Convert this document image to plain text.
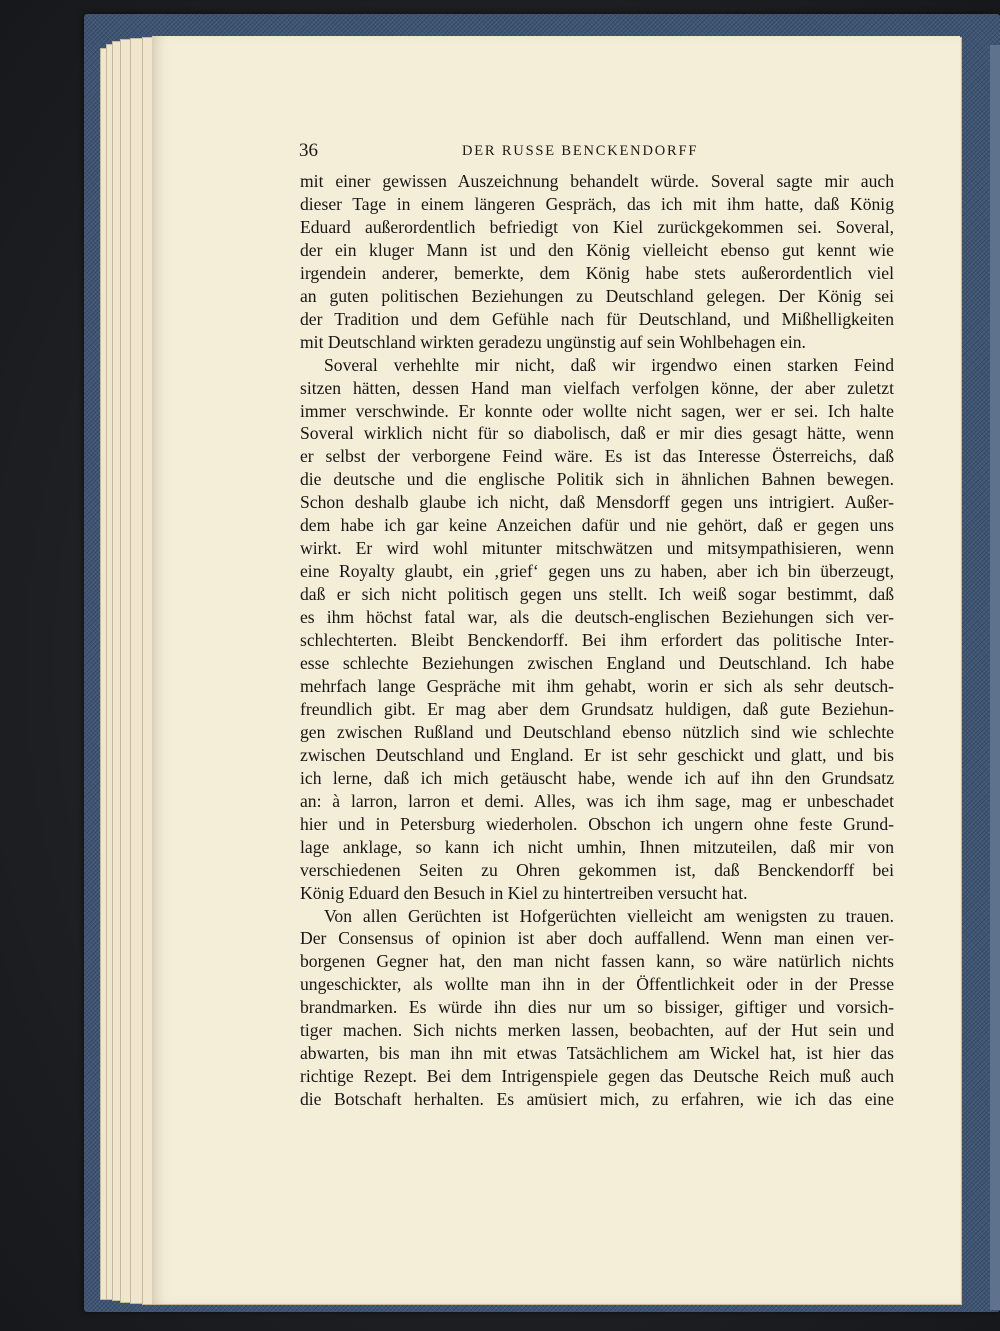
36	DER RUSSE BENCKENDORFF
mit einer gewissen Auszeichnung behandelt würde. Soveral sagte mir auch
dieser Tage in einem längeren Gespräch, das ich mit ihm hatte, daß König
Eduard außerordentlich befriedigt von Kiel zurückgekommen sei. Soveral,
der ein kluger Mann ist und den König vielleicht ebenso gut kennt wie
irgendein anderer, bemerkte, dem König habe stets außerordentlich viel
an guten politischen Beziehungen zu Deutschland gelegen. Der König sei
der Tradition und dem Gefühle nach für Deutschland, und Mißhelligkeiten
mit Deutschland wirkten geradezu ungünstig auf sein Wohlbehagen ein.
Soveral verhehlte mir nicht, daß wir irgendwo einen starken Feind
sitzen hätten, dessen Hand man vielfach verfolgen könne, der aber zuletzt
immer verschwinde. Er konnte oder wollte nicht sagen, wer er sei. Ich halte
Soveral wirklich nicht für so diabolisch, daß er mir dies gesagt hätte, wenn
er selbst der verborgene Feind wäre. Es ist das Interesse Österreichs, daß
die deutsche und die englische Politik sich in ähnlichen Bahnen bewegen.
Schon deshalb glaube ich nicht, daß Mensdorff gegen uns intrigiert. Außer-
dem habe ich gar keine Anzeichen dafür und nie gehört, daß er gegen uns
wirkt. Er wird wohl mitunter mitschwätzen und mitsympathisieren, wenn
eine Royalty glaubt, ein ‚grief‘ gegen uns zu haben, aber ich bin überzeugt,
daß er sich nicht politisch gegen uns stellt. Ich weiß sogar bestimmt, daß
es ihm höchst fatal war, als die deutsch-englischen Beziehungen sich ver-
schlechterten. Bleibt Benckendorff. Bei ihm erfordert das politische Inter-
esse schlechte Beziehungen zwischen England und Deutschland. Ich habe
mehrfach lange Gespräche mit ihm gehabt, worin er sich als sehr deutsch-
freundlich gibt. Er mag aber dem Grundsatz huldigen, daß gute Beziehun-
gen zwischen Rußland und Deutschland ebenso nützlich sind wie schlechte
zwischen Deutschland und England. Er ist sehr geschickt und glatt, und bis
ich lerne, daß ich mich getäuscht habe, wende ich auf ihn den Grundsatz
an: à larron, larron et demi. Alles, was ich ihm sage, mag er unbeschadet
hier und in Petersburg wiederholen. Obschon ich ungern ohne feste Grund-
lage anklage, so kann ich nicht umhin, Ihnen mitzuteilen, daß mir von
verschiedenen Seiten zu Ohren gekommen ist, daß Benckendorff bei
König Eduard den Besuch in Kiel zu hintertreiben versucht hat.
Von allen Gerüchten ist Hofgerüchten vielleicht am wenigsten zu trauen.
Der Consensus of opinion ist aber doch auffallend. Wenn man einen ver-
borgenen Gegner hat, den man nicht fassen kann, so wäre natürlich nichts
ungeschickter, als wollte man ihn in der Öffentlichkeit oder in der Presse
brandmarken. Es würde ihn dies nur um so bissiger, giftiger und vorsich-
tiger machen. Sich nichts merken lassen, beobachten, auf der Hut sein und
abwarten, bis man ihn mit etwas Tatsächlichem am Wickel hat, ist hier das
richtige Rezept. Bei dem Intrigenspiele gegen das Deutsche Reich muß auch
die Botschaft herhalten. Es amüsiert mich, zu erfahren, wie ich das eine
